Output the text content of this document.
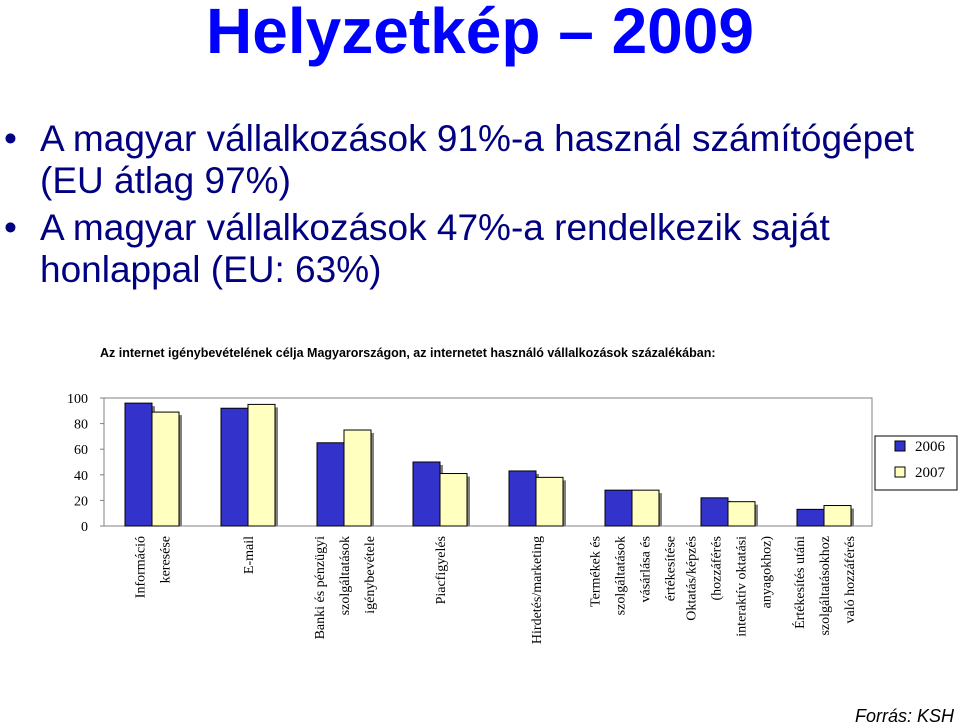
Helyzetkép – 2009
• A magyar vállalkozások 91%-a használ számítógépet (EU átlag 97%)
• A magyar vállalkozások 47%-a rendelkezik saját honlappal (EU: 63%)
Az internet igénybevételének célja Magyarországon, az internetet használó vállalkozások százalékában:
0
20
40
60
80
100
Információ keresése	E-mail	Banki és pénzügyi szolgáltatások igénybevétele	Piacfigyelés	Hirdetés/marketing	Termékek és szolgáltatások vásárlása és értékesítése Oktatás/képzés (hozzáférés interaktív oktatási anyagokhoz) Értékesítés utáni szolgáltatásokhoz való hozzáférés
2006
2007
Forrás: KSH
